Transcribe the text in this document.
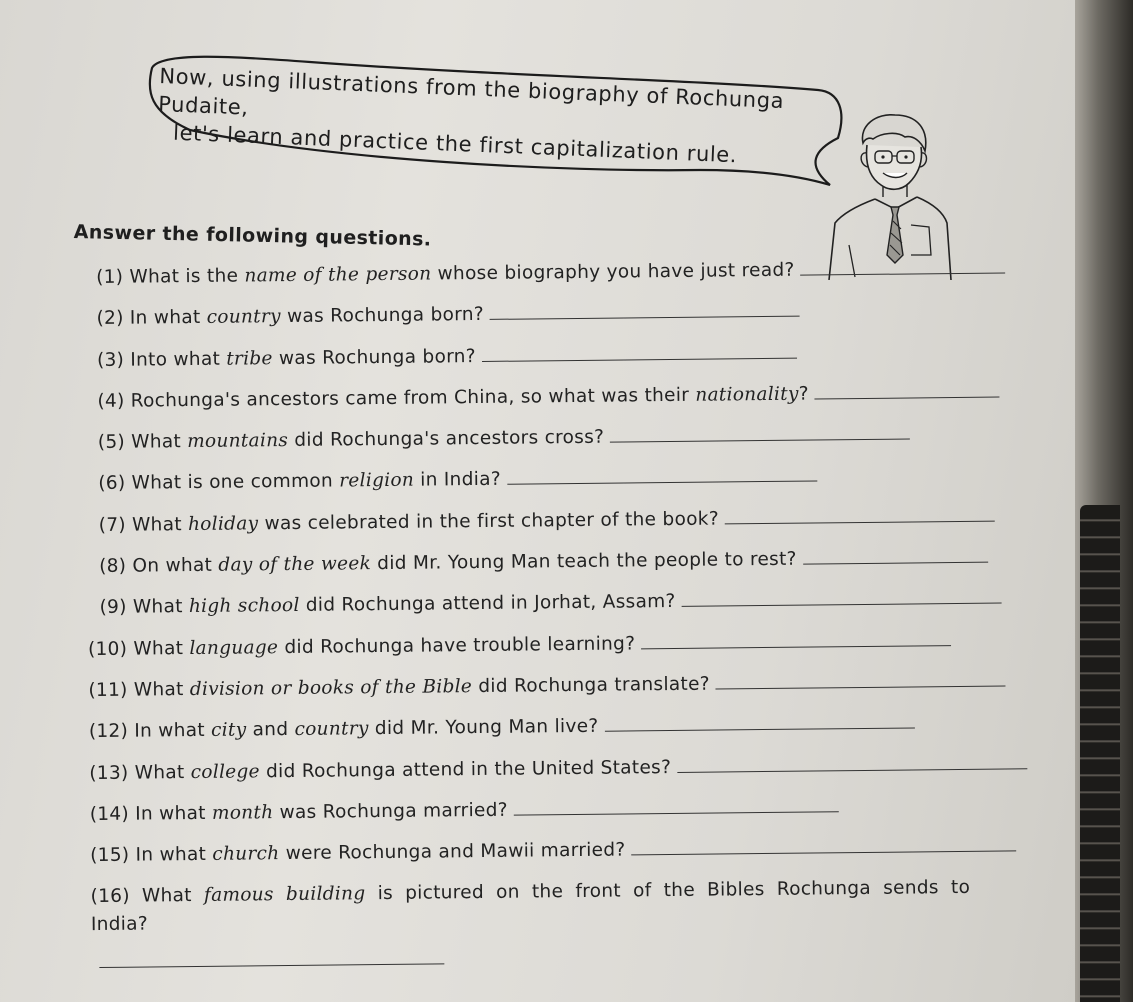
Now, using illustrations from the biography of Rochunga Pudaite,
let's learn and practice the first capitalization rule.
Answer the following questions.
(1) What is the name of the person whose biography you have just read?
(2) In what country was Rochunga born?
(3) Into what tribe was Rochunga born?
(4) Rochunga's ancestors came from China, so what was their nationality?
(5) What mountains did Rochunga's ancestors cross?
(6) What is one common religion in India?
(7) What holiday was celebrated in the first chapter of the book?
(8) On what day of the week did Mr. Young Man teach the people to rest?
(9) What high school did Rochunga attend in Jorhat, Assam?
(10) What language did Rochunga have trouble learning?
(11) What division or books of the Bible did Rochunga translate?
(12) In what city and country did Mr. Young Man live?
(13) What college did Rochunga attend in the United States?
(14) In what month was Rochunga married?
(15) In what church were Rochunga and Mawii married?
(16) What famous building is pictured on the front of the Bibles Rochunga sends to India?
